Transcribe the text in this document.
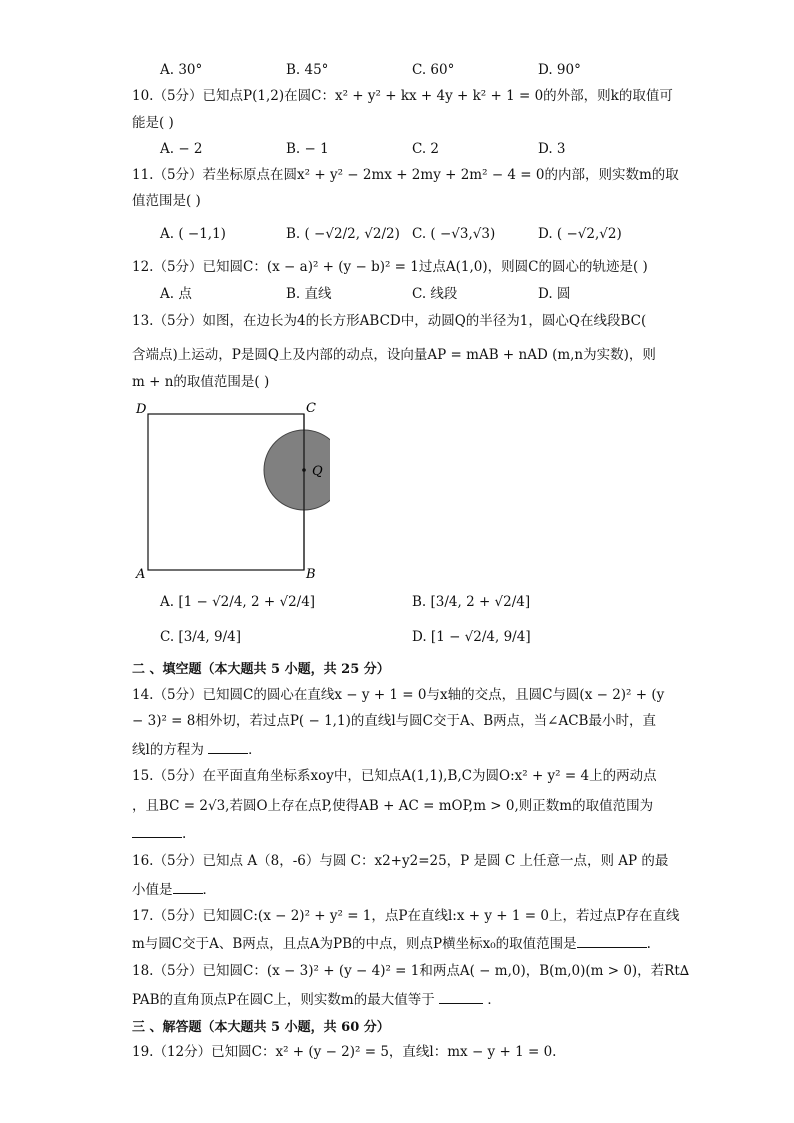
A. 30°	B. 45°	C. 60°	D. 90°
10.（5分）已知点P(1,2)在圆C：x² + y² + kx + 4y + k² + 1 = 0的外部，则k的取值可
能是( )
A. − 2	B. − 1	C. 2	D. 3
11.（5分）若坐标原点在圆x² + y² − 2mx + 2my + 2m² − 4 = 0的内部，则实数m的取
值范围是( )
A. ( −1,1)	B. ( −√2/2, √2/2) C. ( −√3,√3)	D. ( −√2,√2)
12.（5分）已知圆C：(x − a)² + (y − b)² = 1过点A(1,0)，则圆C的圆心的轨迹是( )
A. 点	B. 直线	C. 线段	D. 圆
13.（5分）如图，在边长为4的长方形ABCD中，动圆Q的半径为1，圆心Q在线段BC(
含端点)上运动，P是圆Q上及内部的动点，设向量AP = mAB + nAD (m,n为实数)，则
m + n的取值范围是( )
D	C
A	B
Q
A. [1 − √2/4, 2 + √2/4]	B. [3/4, 2 + √2/4]
C. [3/4, 9/4]	D. [1 − √2/4, 9/4]
二 、填空题（本大题共 5 小题，共 25 分）
14.（5分）已知圆C的圆心在直线x − y + 1 = 0与x轴的交点，且圆C与圆(x − 2)² + (y
− 3)² = 8相外切，若过点P( − 1,1)的直线l与圆C交于A、B两点，当∠ACB最小时，直
线l的方程为	．
15.（5分）在平面直角坐标系xoy中，已知点A(1,1),B,C为圆O:x² + y² = 4上的两动点
，且BC = 2√3,若圆O上存在点P,使得AB + AC = mOP,m > 0,则正数m的取值范围为
.
16.（5分）已知点 A（8，-6）与圆 C：x2+y2=25，P 是圆 C 上任意一点，则 AP 的最
小值是 ．
17.（5分）已知圆C:(x − 2)² + y² = 1，点P在直线l:x + y + 1 = 0上，若过点P存在直线
m与圆C交于A、B两点，且点A为PB的中点，则点P横坐标x₀的取值范围是	.
18.（5分）已知圆C：(x − 3)² + (y − 4)² = 1和两点A( − m,0)，B(m,0)(m > 0)，若Rt∆
PAB的直角顶点P在圆C上，则实数m的最大值等于	．
三 、解答题（本大题共 5 小题，共 60 分）
19.（12分）已知圆C：x² + (y − 2)² = 5，直线l：mx − y + 1 = 0.
